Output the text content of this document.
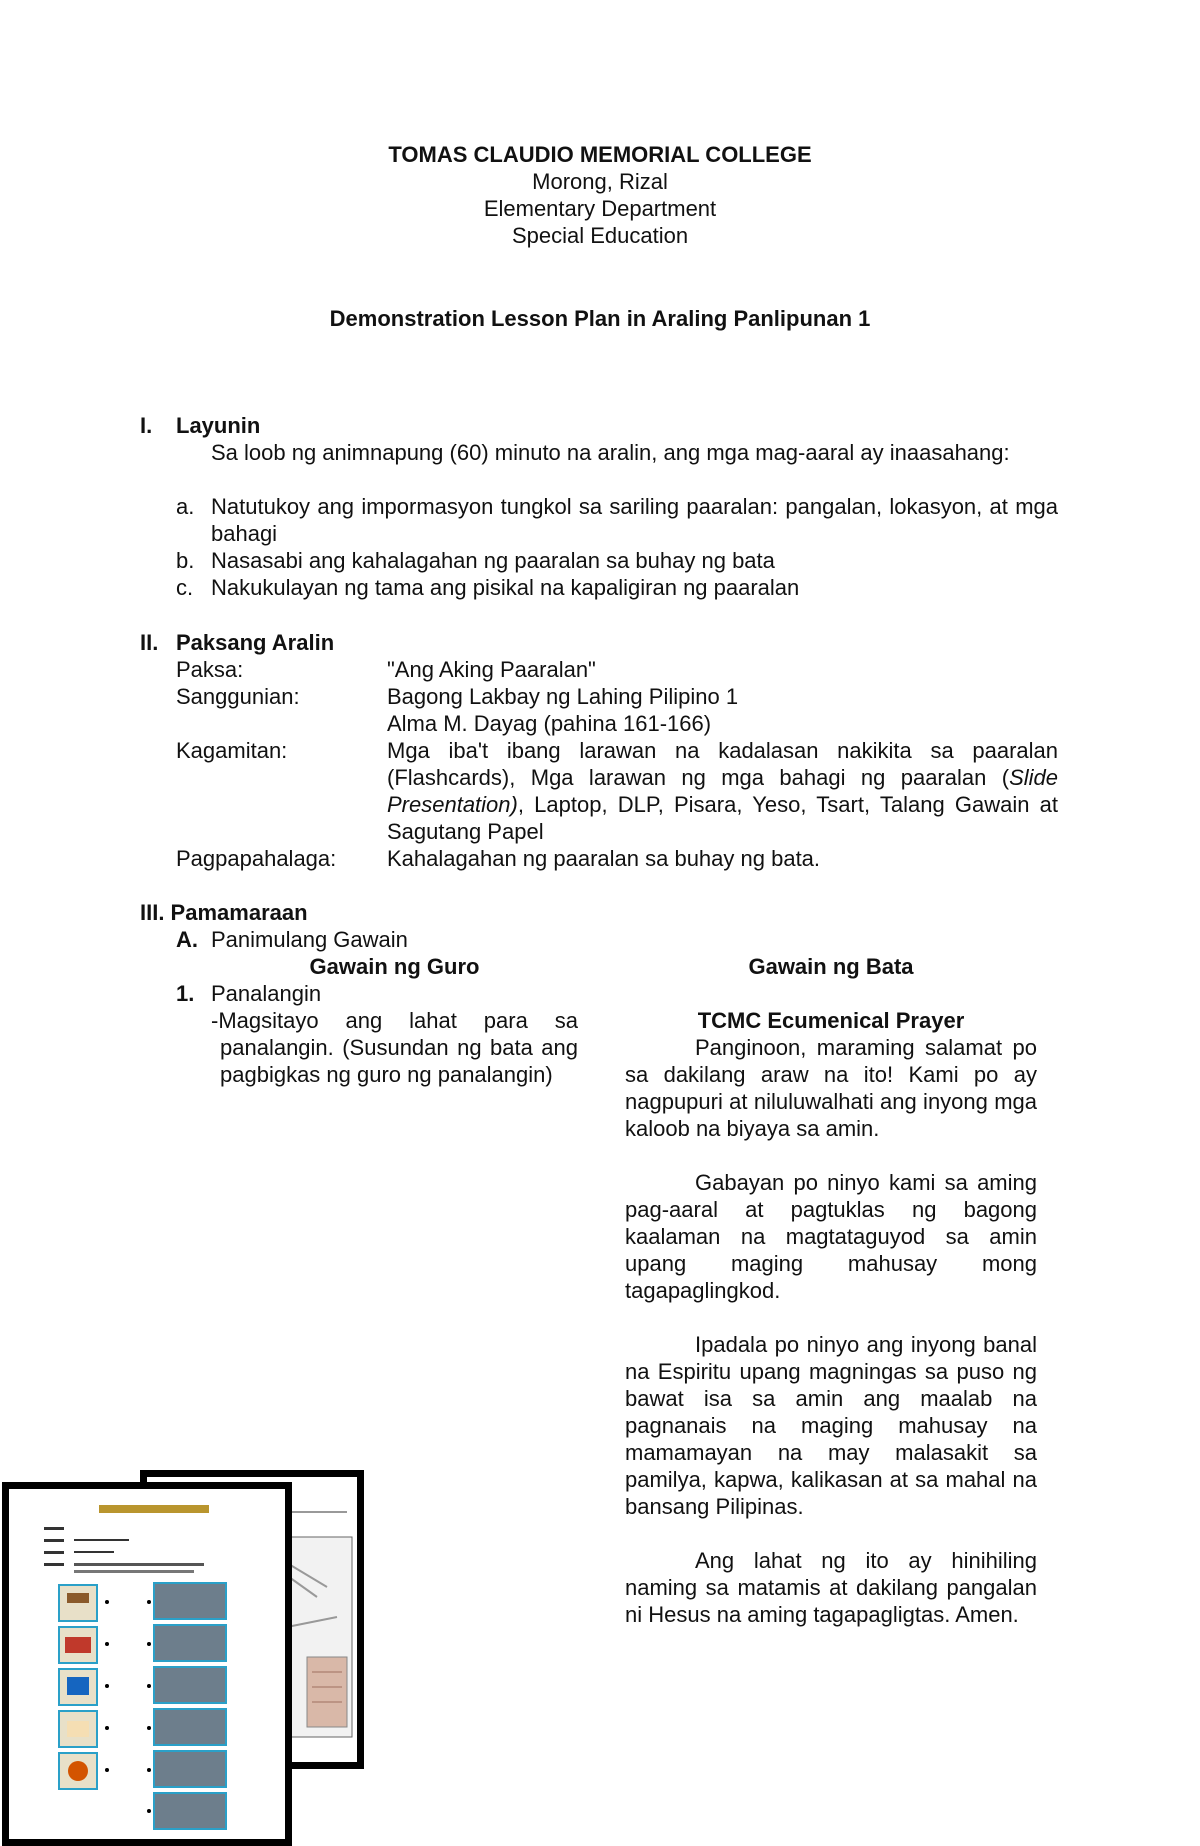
TOMAS CLAUDIO MEMORIAL COLLEGE
Morong, Rizal
Elementary Department
Special Education
Demonstration Lesson Plan in Araling Panlipunan 1
I. Layunin
Sa loob ng animnapung (60) minuto na aralin, ang mga mag-aaral ay inaasahang:
a. Natutukoy ang impormasyon tungkol sa sariling paaralan: pangalan, lokasyon, at mga bahagi
b. Nasasabi ang kahalagahan ng paaralan sa buhay ng bata
c. Nakukulayan ng tama ang pisikal na kapaligiran ng paaralan
II. Paksang Aralin
Paksa:	"Ang Aking Paaralan"
Sanggunian:	Bagong Lakbay ng Lahing Pilipino 1
Alma M. Dayag (pahina 161-166)
Kagamitan:	Mga iba't ibang larawan na kadalasan nakikita sa paaralan (Flashcards), Mga larawan ng mga bahagi ng paaralan (Slide Presentation), Laptop, DLP, Pisara, Yeso, Tsart, Talang Gawain at Sagutang Papel
Pagpapahalaga: Kahalagahan ng paaralan sa buhay ng bata.
III. Pamamaraan
A. Panimulang Gawain
Gawain ng Guro	Gawain ng Bata
1. Panalangin
-Magsitayo ang lahat para sa panalangin. (Susundan ng bata ang pagbigkas ng guro ng panalangin)
TCMC Ecumenical Prayer
Panginoon, maraming salamat po sa dakilang araw na ito! Kami po ay nagpupuri at niluluwalhati ang inyong mga kaloob na biyaya sa amin.
Gabayan po ninyo kami sa aming pag-aaral at pagtuklas ng bagong kaalaman na magtataguyod sa amin upang maging mahusay mong tagapaglingkod.
Ipadala po ninyo ang inyong banal na Espiritu upang magningas sa puso ng bawat isa sa amin ang maalab na pagnanais na maging mahusay na mamamayan na may malasakit sa pamilya, kapwa, kalikasan at sa mahal na bansang Pilipinas.
Ang lahat ng ito ay hinihiling naming sa matamis at dakilang pangalan ni Hesus na aming tagapagligtas. Amen.
